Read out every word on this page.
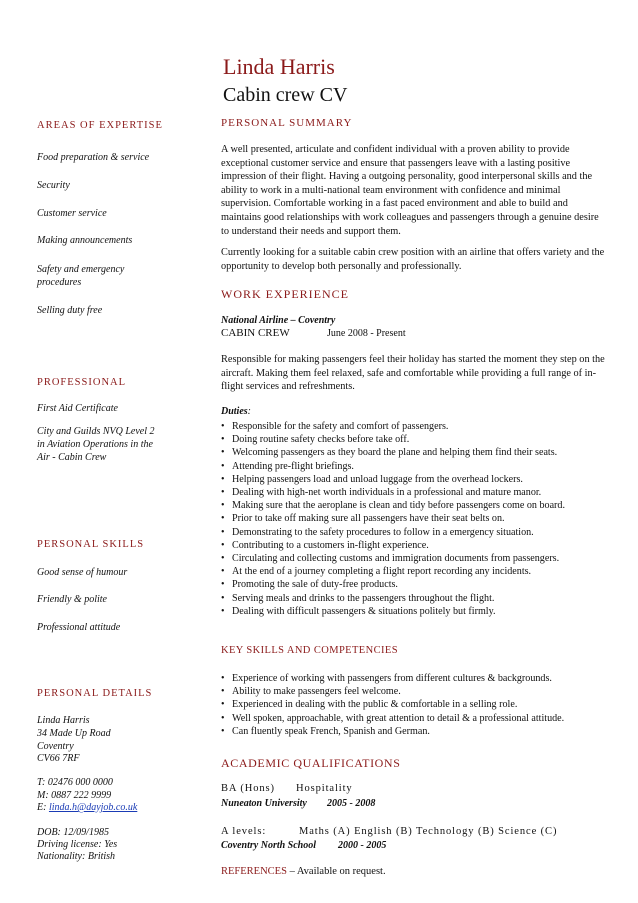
Linda Harris
Cabin crew CV
AREAS OF EXPERTISE
Food preparation & service
Security
Customer service
Making announcements
Safety and emergency procedures
Selling duty free
PROFESSIONAL
First Aid Certificate
City and Guilds NVQ Level 2 in Aviation Operations in the Air - Cabin Crew
PERSONAL SKILLS
Good sense of humour
Friendly & polite
Professional attitude
PERSONAL DETAILS
Linda Harris
34 Made Up Road
Coventry
CV66 7RF
T: 02476 000 0000
M: 0887 222 9999
E: linda.h@dayjob.co.uk
DOB: 12/09/1985
Driving license: Yes
Nationality: British
PERSONAL SUMMARY
A well presented, articulate and confident individual with a proven ability to provide exceptional customer service and ensure that passengers leave with a lasting positive impression of their flight. Having a outgoing personality, good interpersonal skills and the ability to work in a multi-national team environment with confidence and minimal supervision. Comfortable working in a fast paced environment and able to build and maintains good relationships with work colleagues and passengers through a genuine desire to understand their needs and support them.
Currently looking for a suitable cabin crew position with an airline that offers variety and the opportunity to develop both personally and professionally.
WORK EXPERIENCE
National Airline – Coventry
CABIN CREW	June 2008 - Present
Responsible for making passengers feel their holiday has started the moment they step on the aircraft. Making them feel relaxed, safe and comfortable while providing a full range of in-flight services and refreshments.
Duties:
• Responsible for the safety and comfort of passengers.
• Doing routine safety checks before take off.
• Welcoming passengers as they board the plane and helping them find their seats.
• Attending pre-flight briefings.
• Helping passengers load and unload luggage from the overhead lockers.
• Dealing with high-net worth individuals in a professional and mature manor.
• Making sure that the aeroplane is clean and tidy before passengers come on board.
• Prior to take off making sure all passengers have their seat belts on.
• Demonstrating to the safety procedures to follow in a emergency situation.
• Contributing to a customers in-flight experience.
• Circulating and collecting customs and immigration documents from passengers.
• At the end of a journey completing a flight report recording any incidents.
• Promoting the sale of duty-free products.
• Serving meals and drinks to the passengers throughout the flight.
• Dealing with difficult passengers & situations politely but firmly.
KEY SKILLS AND COMPETENCIES
• Experience of working with passengers from different cultures & backgrounds.
• Ability to make passengers feel welcome.
• Experienced in dealing with the public & comfortable in a selling role.
• Well spoken, approachable, with great attention to detail & a professional attitude.
• Can fluently speak French, Spanish and German.
ACADEMIC QUALIFICATIONS
BA (Hons) Hospitality
Nuneaton University 2005 - 2008
A levels:	Maths (A) English (B) Technology (B) Science (C)
Coventry North School 2000 - 2005
REFERENCES – Available on request.
